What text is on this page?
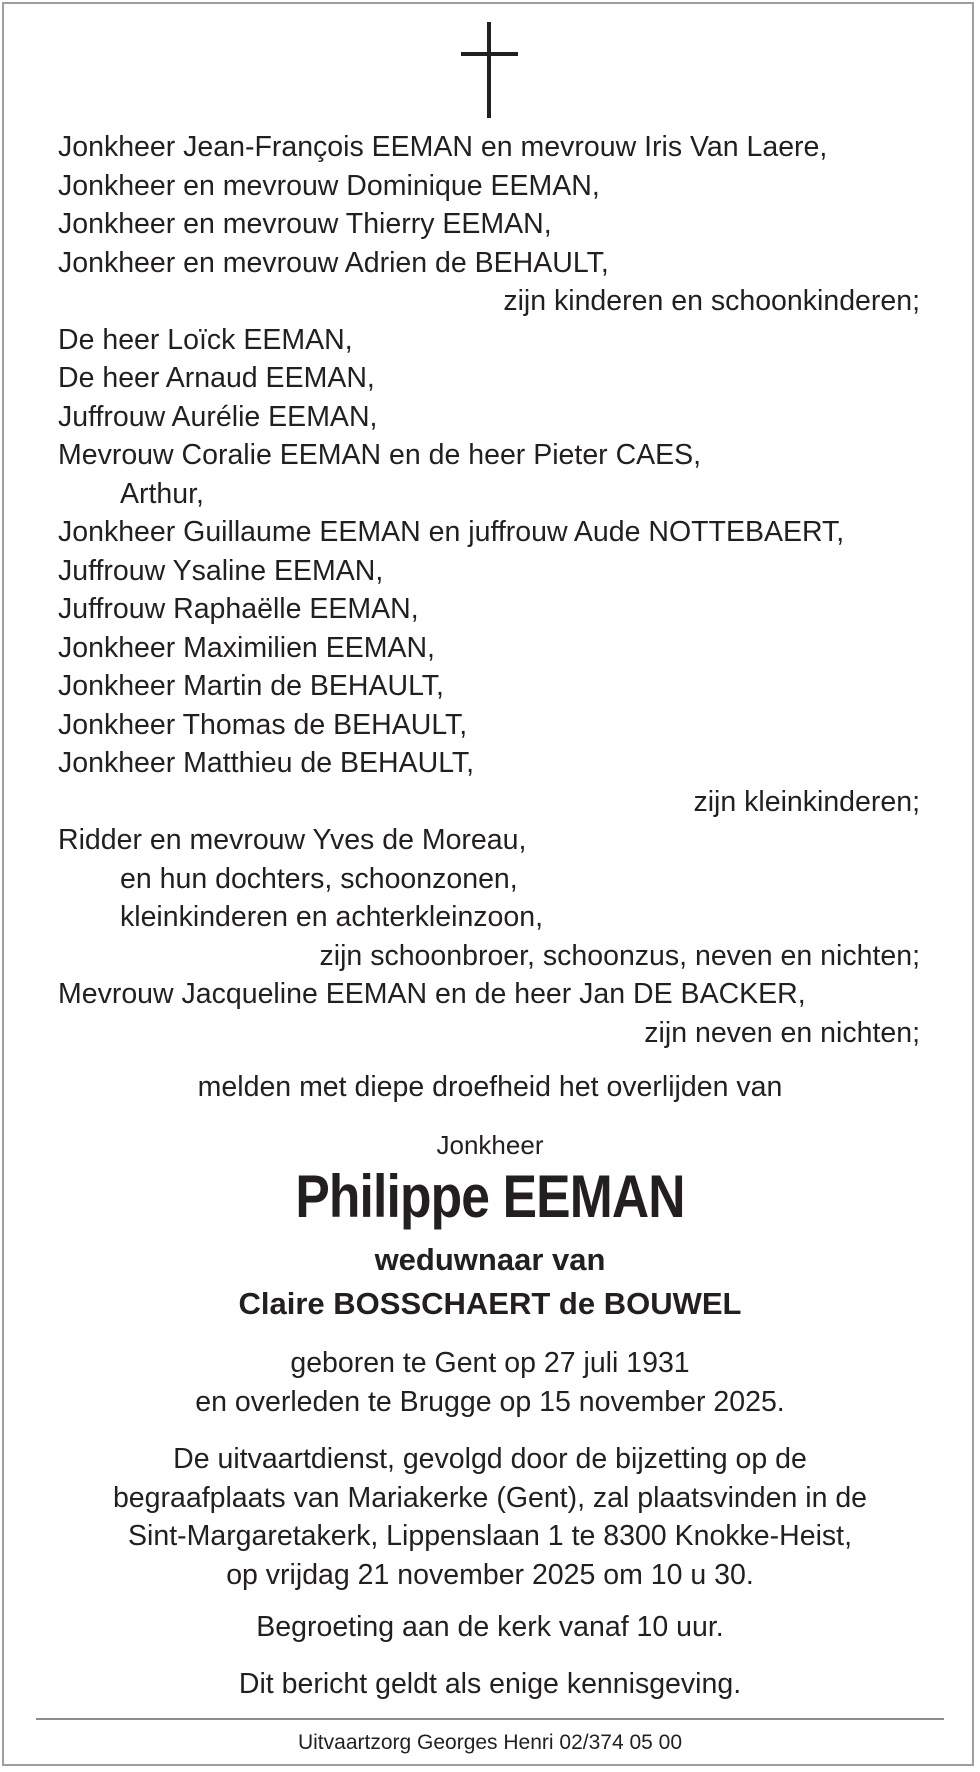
Jonkheer Jean-François EEMAN en mevrouw Iris Van Laere,
Jonkheer en mevrouw Dominique EEMAN,
Jonkheer en mevrouw Thierry EEMAN,
Jonkheer en mevrouw Adrien de BEHAULT,
zijn kinderen en schoonkinderen;
De heer Loïck EEMAN,
De heer Arnaud EEMAN,
Juffrouw Aurélie EEMAN,
Mevrouw Coralie EEMAN en de heer Pieter CAES,
Arthur,
Jonkheer Guillaume EEMAN en juffrouw Aude NOTTEBAERT,
Juffrouw Ysaline EEMAN,
Juffrouw Raphaëlle EEMAN,
Jonkheer Maximilien EEMAN,
Jonkheer Martin de BEHAULT,
Jonkheer Thomas de BEHAULT,
Jonkheer Matthieu de BEHAULT,
zijn kleinkinderen;
Ridder en mevrouw Yves de Moreau,
en hun dochters, schoonzonen,
kleinkinderen en achterkleinzoon,
zijn schoonbroer, schoonzus, neven en nichten;
Mevrouw Jacqueline EEMAN en de heer Jan DE BACKER,
zijn neven en nichten;
melden met diepe droefheid het overlijden van
Jonkheer
Philippe EEMAN
weduwnaar van
Claire BOSSCHAERT de BOUWEL
geboren te Gent op 27 juli 1931
en overleden te Brugge op 15 november 2025.
De uitvaartdienst, gevolgd door de bijzetting op de
begraafplaats van Mariakerke (Gent), zal plaatsvinden in de
Sint-Margaretakerk, Lippenslaan 1 te 8300 Knokke-Heist,
op vrijdag 21 november 2025 om 10 u 30.
Begroeting aan de kerk vanaf 10 uur.
Dit bericht geldt als enige kennisgeving.
Uitvaartzorg Georges Henri 02/374 05 00
